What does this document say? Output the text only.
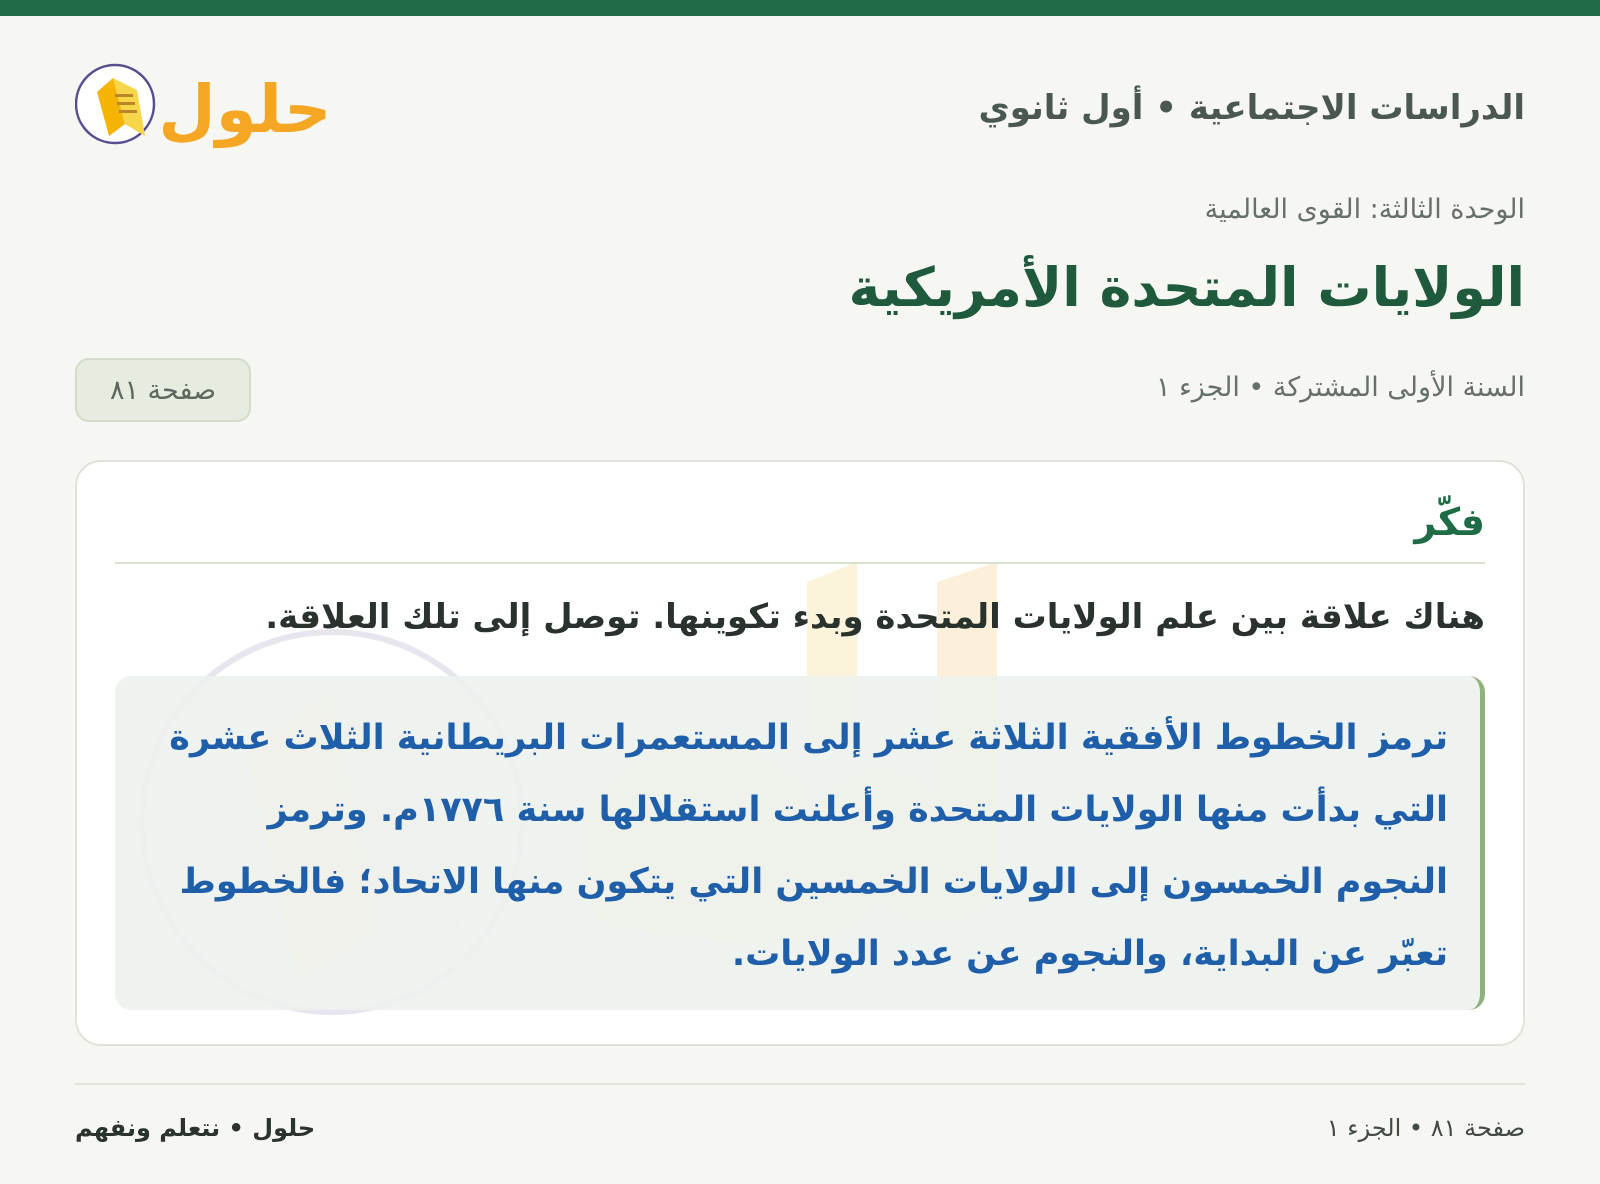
الدراسات الاجتماعية • أول ثانوي
حلول

الوحدة الثالثة: القوى العالمية

الولايات المتحدة الأمريكية

السنة الأولى المشتركة • الجزء ١

صفحة ٨١
فكّر

هناك علاقة بين علم الولايات المتحدة وبدء تكوينها. توصل إلى تلك العلاقة.

ترمز الخطوط الأفقية الثلاثة عشر إلى المستعمرات البريطانية الثلاث عشرة التي بدأت منها الولايات المتحدة وأعلنت استقلالها سنة ١٧٧٦م. وترمز النجوم الخمسون إلى الولايات الخمسين التي يتكون منها الاتحاد؛ فالخطوط تعبّر عن البداية، والنجوم عن عدد الولايات.

صفحة ٨١ • الجزء ١

حلول • نتعلم ونفهم
